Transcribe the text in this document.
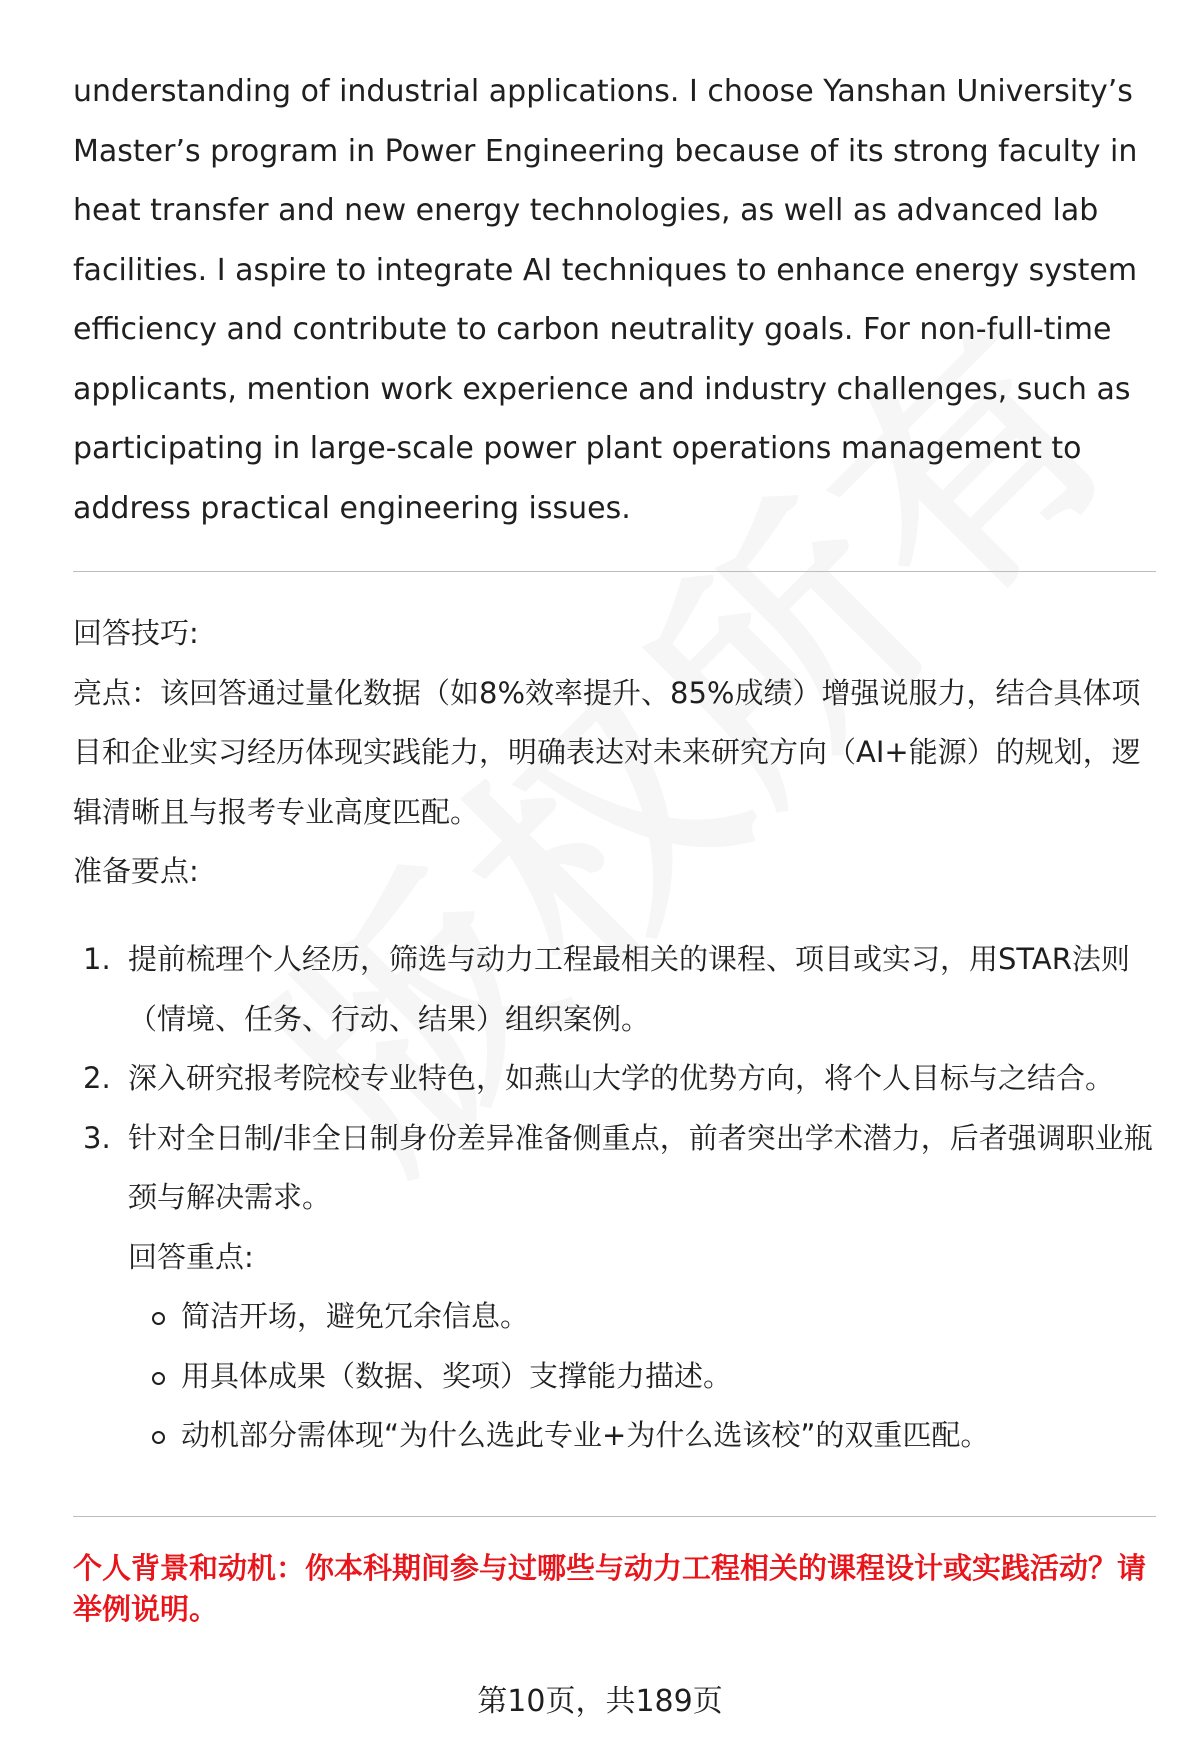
understanding of industrial applications. I choose Yanshan University’s Master’s program in Power Engineering because of its strong faculty in heat transfer and new energy technologies, as well as advanced lab facilities. I aspire to integrate AI techniques to enhance energy system efficiency and contribute to carbon neutrality goals. For non-full-time applicants, mention work experience and industry challenges, such as participating in large-scale power plant operations management to address practical engineering issues.

回答技巧:

亮点：该回答通过量化数据（如8%效率提升、85%成绩）增强说服力，结合具体项目和企业实习经历体现实践能力，明确表达对未来研究方向（AI+能源）的规划，逻辑清晰且与报考专业高度匹配。

准备要点:

1. 提前梳理个人经历，筛选与动力工程最相关的课程、项目或实习，用STAR法则（情境、任务、行动、结果）组织案例。
2. 深入研究报考院校专业特色，如燕山大学的优势方向，将个人目标与之结合。
3. 针对全日制/非全日制身份差异准备侧重点，前者突出学术潜力，后者强调职业瓶颈与解决需求。
回答重点:
简洁开场，避免冗余信息。
用具体成果（数据、奖项）支撑能力描述。
动机部分需体现“为什么选此专业+为什么选该校”的双重匹配。

个人背景和动机：你本科期间参与过哪些与动力工程相关的课程设计或实践活动？请举例说明。

第10页，共189页
